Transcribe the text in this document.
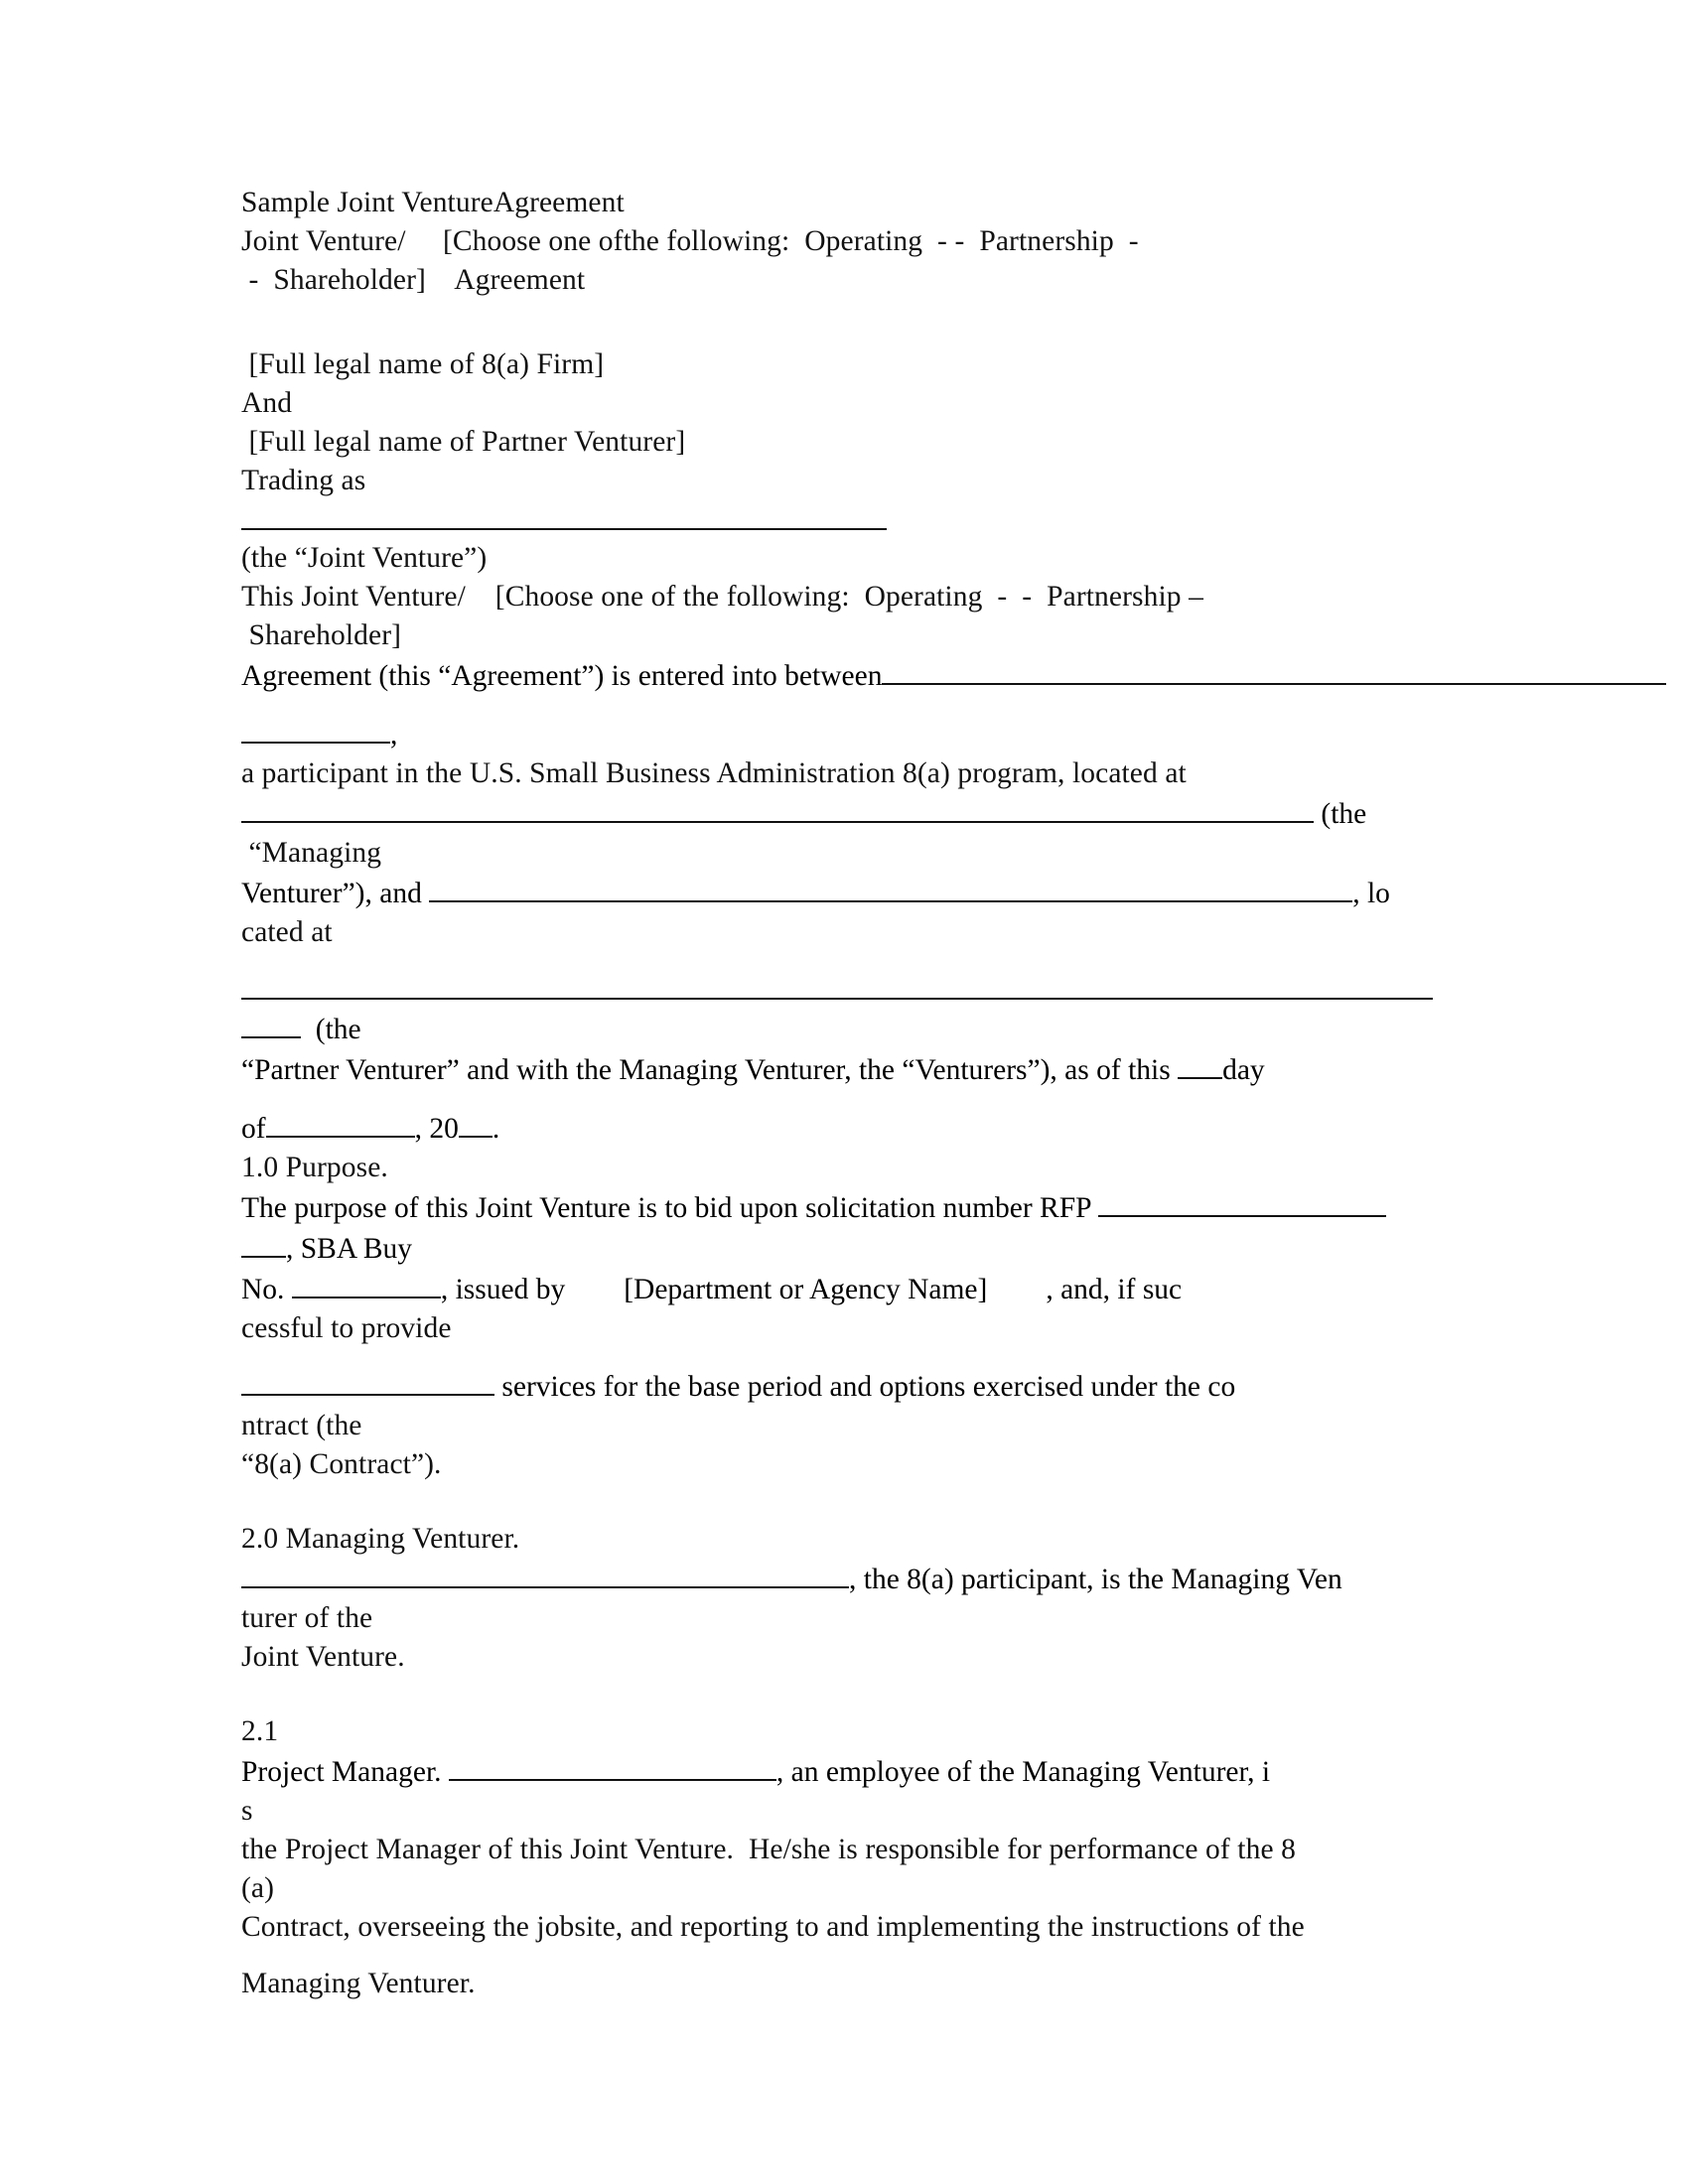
Sample Joint VentureAgreement
Joint Venture/ [Choose one ofthe following:  Operating  - -  Partnership  -
-  Shareholder] Agreement
[Full legal name of 8(a) Firm]
And
[Full legal name of Partner Venturer]
Trading as
(the “Joint Venture”)
This Joint Venture/ [Choose one of the following:  Operating  -  -  Partnership –
Shareholder]
Agreement (this “Agreement”) is entered into between
,
a participant in the U.S. Small Business Administration 8(a) program, located at
(the
“Managing
Venturer”), and	, lo
cated at
(the
“Partner Venturer” and with the Managing Venturer, the “Venturers”), as of this day
of	, 20 .
1.0 Purpose.
The purpose of this Joint Venture is to bid upon solicitation number RFP
, SBA Buy
No.	, issued by [Department or Agency Name] , and, if suc
cessful to provide
services for the base period and options exercised under the co
ntract (the
“8(a) Contract”).
2.0 Managing Venturer.
, the 8(a) participant, is the Managing Ven
turer of the
Joint Venture.
2.1
Project Manager.	, an employee of the Managing Venturer, i
s
the Project Manager of this Joint Venture.  He/she is responsible for performance of the 8
(a)
Contract, overseeing the jobsite, and reporting to and implementing the instructions of the
Managing Venturer.
